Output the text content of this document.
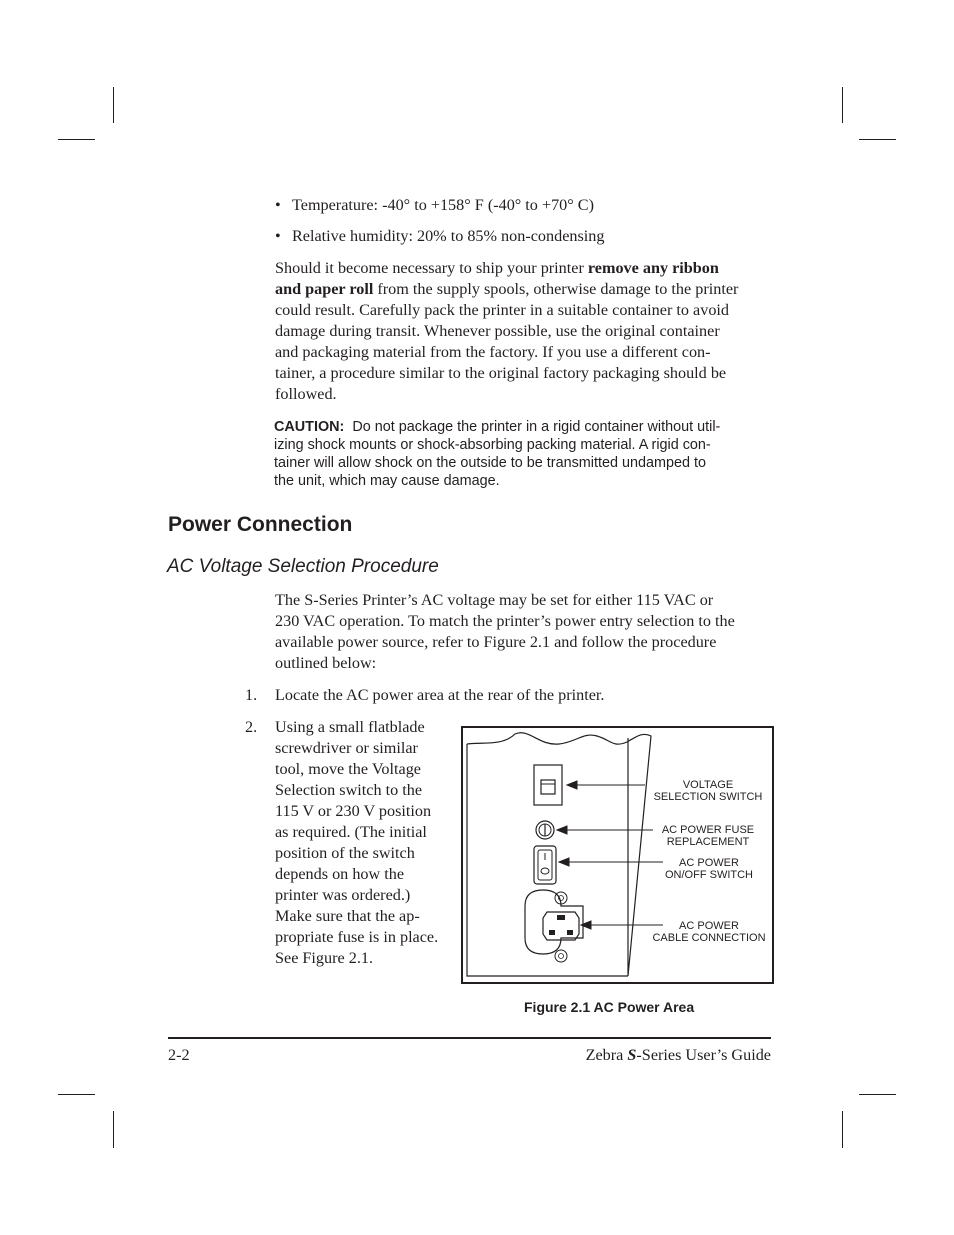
• Temperature: -40° to +158° F (-40° to +70° C)
• Relative humidity: 20% to 85% non-condensing
Should it become necessary to ship your printer remove any ribbon
and paper roll from the supply spools, otherwise damage to the printer
could result. Carefully pack the printer in a suitable container to avoid
damage during transit. Whenever possible, use the original container
and packaging material from the factory. If you use a different con-
tainer, a procedure similar to the original factory packaging should be
followed.
CAUTION: Do not package the printer in a rigid container without util-
izing shock mounts or shock-absorbing packing material. A rigid con-
tainer will allow shock on the outside to be transmitted undamped to
the unit, which may cause damage.
Power Connection
AC Voltage Selection Procedure
The S-Series Printer’s AC voltage may be set for either 115 VAC or
230 VAC operation. To match the printer’s power entry selection to the
available power source, refer to Figure 2.1 and follow the procedure
outlined below:
1. Locate the AC power area at the rear of the printer.
2. Using a small flatblade
screwdriver or similar
tool, move the Voltage
Selection switch to the
115 V or 230 V position
as required. (The initial
position of the switch
depends on how the
printer was ordered.)
Make sure that the ap-
propriate fuse is in place.
See Figure 2.1.
VOLTAGE
SELECTION SWITCH
AC POWER FUSE
REPLACEMENT
AC POWER
ON/OFF SWITCH
AC POWER
CABLE CONNECTION
Figure 2.1 AC Power Area
2-2	Zebra S-Series User’s Guide
